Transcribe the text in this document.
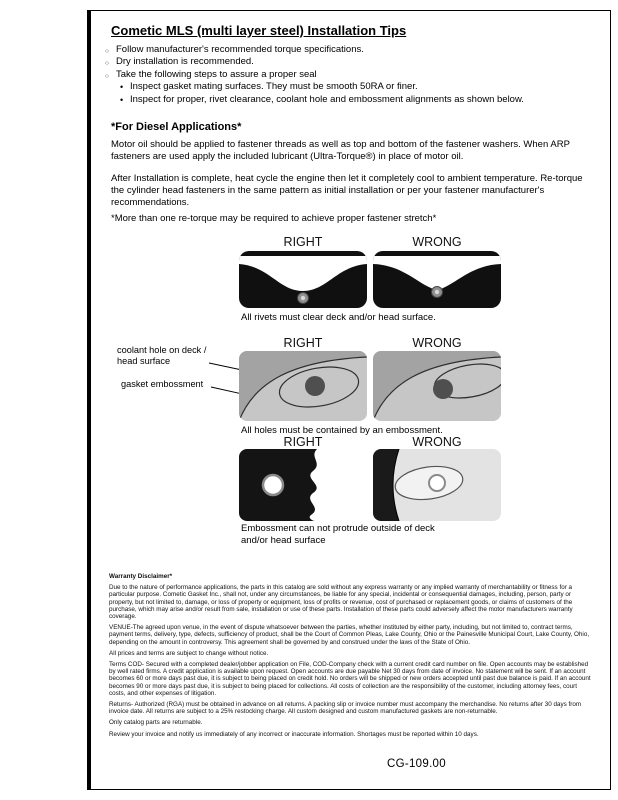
Cometic MLS (multi layer steel) Installation Tips
○ Follow manufacturer's recommended torque specifications.
○ Dry installation is recommended.
○ Take the following steps to assure a proper seal
• Inspect gasket mating surfaces. They must be smooth 50RA or finer.
• Inspect for proper, rivet clearance, coolant hole and embossment alignments as shown below.
*For Diesel Applications*

Motor oil should be applied to fastener threads as well as top and bottom of the fastener washers. When ARP fasteners are used apply the included lubricant (Ultra-Torque®) in place of motor oil.

After Installation is complete, heat cycle the engine then let it completely cool to ambient temperature. Re-torque the cylinder head fasteners in the same pattern as initial installation or per your fastener manufacturer's recommendations.

*More than one re-torque may be required to achieve proper fastener stretch*

RIGHT	WRONG
All rivets must clear deck and/or head surface.
RIGHT	WRONG
coolant hole on deck / head surface
gasket embossment
All holes must be contained by an embossment.
RIGHT	WRONG
Embossment can not protrude outside of deck and/or head surface

Warranty Disclaimer*

Due to the nature of performance applications, the parts in this catalog are sold without any express warranty or any implied warranty of merchantability or fitness for a particular purpose. Cometic Gasket Inc., shall not, under any circumstances, be liable for any special, incidental or consequential damages, including, person, party or property, but not limited to, damage, or loss of property or equipment, loss of profits or revenue, cost of purchased or replacement goods, or claims of customers of the purchase, which may arise and/or result from sale, installation or use of these parts. Installation of these parts could adversely affect the motor manufacturers warranty coverage.

VENUE-The agreed upon venue, in the event of dispute whatsoever between the parties, whether instituted by either party, including, but not limited to, contract terms, payment terms, delivery, type, defects, sufficiency of product, shall be the Court of Common Pleas, Lake County, Ohio or the Painesville Municipal Court, Lake County, Ohio, depending on the amount in controversy. This agreement shall be governed by and construed under the laws of the State of Ohio.

All prices and terms are subject to change without notice.

Terms COD- Secured with a completed dealer/jobber application on File, COD-Company check with a current credit card number on file. Open accounts may be established by well rated firms. A credit application is available upon request. Open accounts are due payable Net 30 days from date of invoice. No statement will be sent. If an account becomes 60 or more days past due, it is subject to being placed on credit hold. No orders will be shipped or new orders accepted until past due balance is paid. If an account becomes 90 or more days past due, it is subject to being placed for collections. All costs of collection are the responsibility of the customer, including attorney fees, court costs, and other expenses of litigation.

Returns- Authorized (RGA) must be obtained in advance on all returns. A packing slip or invoice number must accompany the merchandise. No returns after 30 days from invoice date. All returns are subject to a 25% restocking charge. All custom designed and custom manufactured gaskets are non-returnable.

Only catalog parts are returnable.

Review your invoice and notify us immediately of any incorrect or inaccurate information. Shortages must be reported within 10 days.

CG-109.00
